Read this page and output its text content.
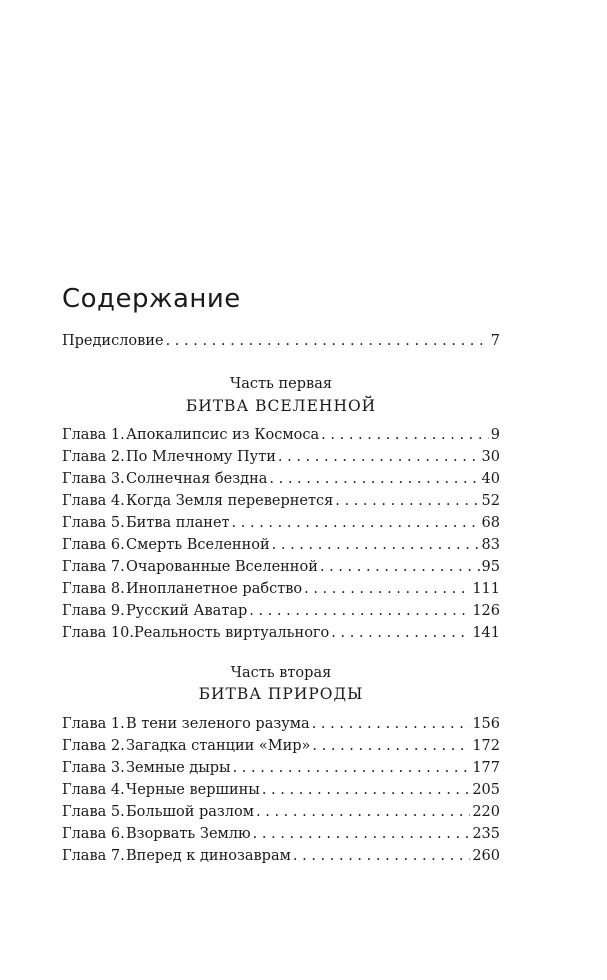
Содержание
Предисловие . . .	7
Часть первая
БИТВА ВСЕЛЕННОЙ
Глава 1.Апокалипсис из Космоса . . .	9
Глава 2.По Млечному Пути . . .	30
Глава 3.Солнечная бездна . . .	40
Глава 4.Когда Земля перевернется . . .	52
Глава 5.Битва планет . . .	68
Глава 6.Смерть Вселенной . . .	83
Глава 7.Очарованные Вселенной . . .	95
Глава 8.Инопланетное рабство . . .	111
Глава 9.Русский Аватар . . .	126
Глава 10.Реальность виртуального . . .	141
Часть вторая
БИТВА ПРИРОДЫ
Глава 1.В тени зеленого разума . . .	156
Глава 2.Загадка станции «Мир» . . .	172
Глава 3.Земные дыры . . .	177
Глава 4.Черные вершины . . .	205
Глава 5.Большой разлом . . .	220
Глава 6.Взорвать Землю . . .	235
Глава 7.Вперед к динозаврам . . .	260
